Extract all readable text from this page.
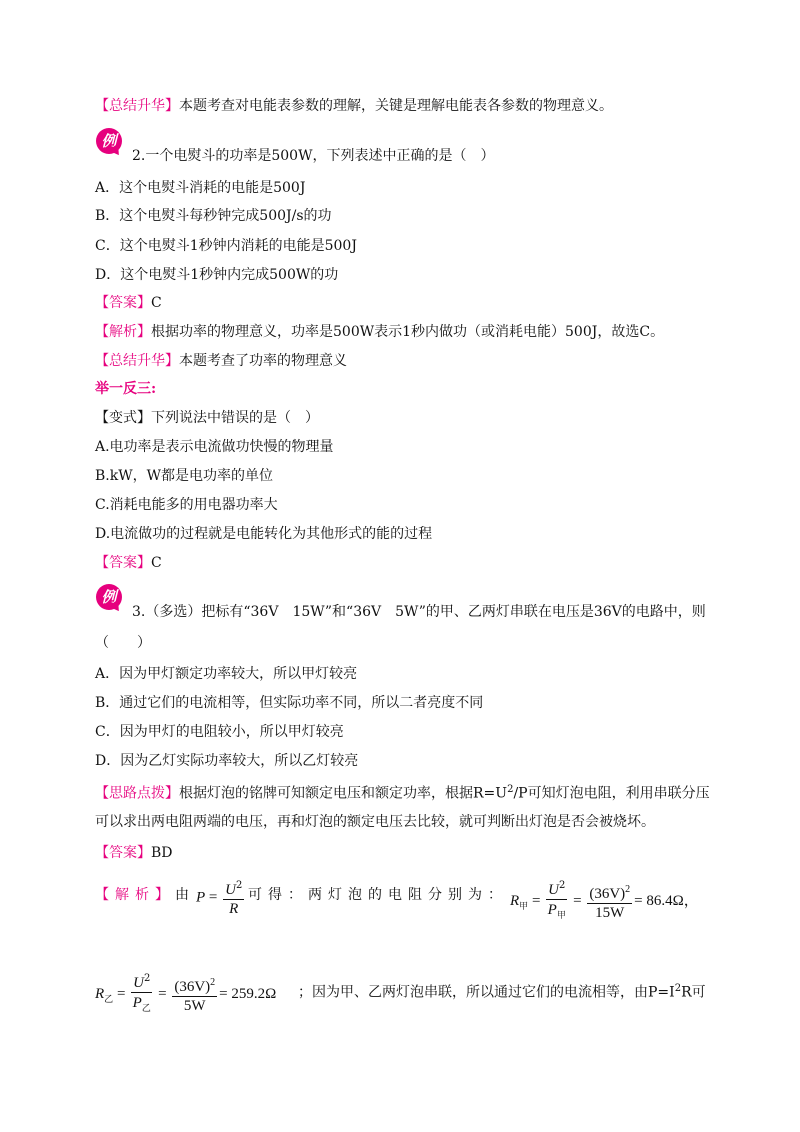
【总结升华】本题考查对电能表参数的理解，关键是理解电能表各参数的物理意义。
例
2.一个电熨斗的功率是500W，下列表述中正确的是（　）
A．这个电熨斗消耗的电能是500J
B．这个电熨斗每秒钟完成500J/s的功
C．这个电熨斗1秒钟内消耗的电能是500J
D．这个电熨斗1秒钟内完成500W的功
【答案】C
【解析】根据功率的物理意义，功率是500W表示1秒内做功（或消耗电能）500J，故选C。
【总结升华】本题考查了功率的物理意义
举一反三:
【变式】下列说法中错误的是（　）
A.电功率是表示电流做功快慢的物理量
B.kW，W都是电功率的单位
C.消耗电能多的用电器功率大
D.电流做功的过程就是电能转化为其他形式的能的过程
【答案】C
例
3.（多选）把标有“36V　15W”和“36V　5W”的甲、乙两灯串联在电压是36V的电路中，则
（　　）
A．因为甲灯额定功率较大，所以甲灯较亮
B．通过它们的电流相等，但实际功率不同，所以二者亮度不同
C．因为甲灯的电阻较小，所以甲灯较亮
D．因为乙灯实际功率较大，所以乙灯较亮
【思路点拨】根据灯泡的铭牌可知额定电压和额定功率，根据$R=U^2/P$可知灯泡电阻，利用串联分压
可以求出两电阻两端的电压，再和灯泡的额定电压去比较，就可判断出灯泡是否会被烧坏。
【答案】BD
【解析】由 $P = \frac{U^2}{R}$ 可得：两灯泡的电阻分别为： $R_甲 = \frac{U^2}{P_甲} = \frac{(36V)^2}{15W} = 86.4\Omega$，
$R_乙 = \frac{U^2}{P_乙} = \frac{(36V)^2}{5W} = 259.2\Omega$ ；因为甲、乙两灯泡串联，所以通过它们的电流相等，由$P=I^2R$可
